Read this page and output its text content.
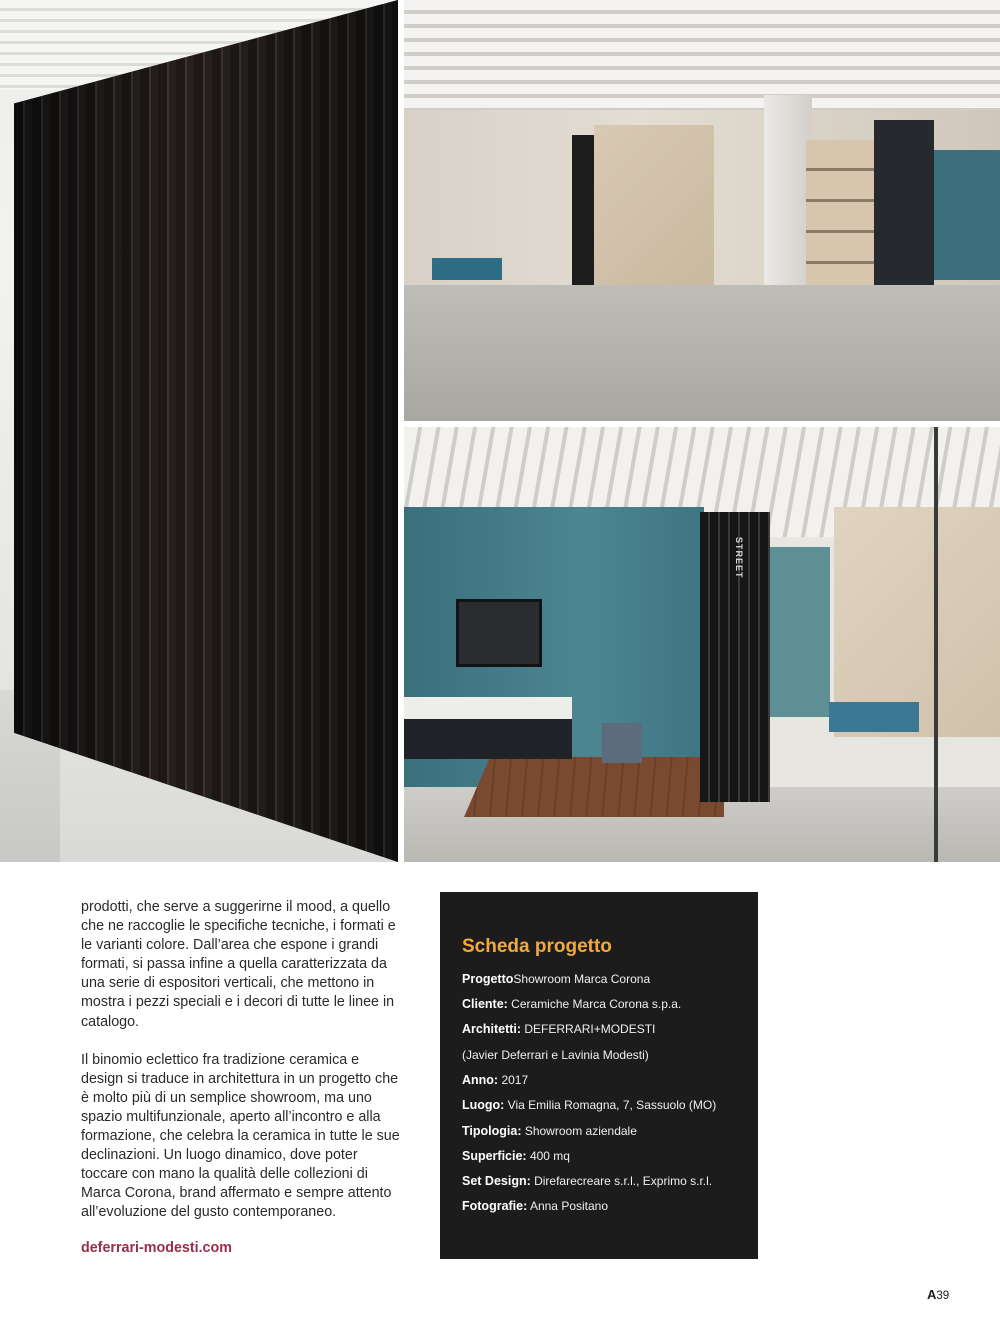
STREET

prodotti, che serve a suggerirne il mood, a quello che ne raccoglie le specifiche tecniche, i formati e le varianti colore. Dall’area che espone i grandi formati, si passa infine a quella caratterizzata da una serie di espositori verticali, che mettono in mostra i pezzi speciali e i decori di tutte le linee in catalogo.

Il binomio eclettico fra tradizione ceramica e design si traduce in architettura in un progetto che è molto più di un semplice showroom, ma uno spazio multifunzionale, aperto all’incontro e alla formazione, che celebra la ceramica in tutte le sue declinazioni. Un luogo dinamico, dove poter toccare con mano la qualità delle collezioni di Marca Corona, brand affermato e sempre attento all’evoluzione del gusto contemporaneo.

deferrari-modesti.com
Scheda progetto
ProgettoShowroom Marca Corona
Cliente: Ceramiche Marca Corona s.p.a.
Architetti: DEFERRARI+MODESTI
(Javier Deferrari e Lavinia Modesti)
Anno: 2017
Luogo: Via Emilia Romagna, 7, Sassuolo (MO)
Tipologia: Showroom aziendale
Superficie: 400 mq
Set Design: Direfarecreare s.r.l., Exprimo s.r.l.
Fotografie: Anna Positano
A39
